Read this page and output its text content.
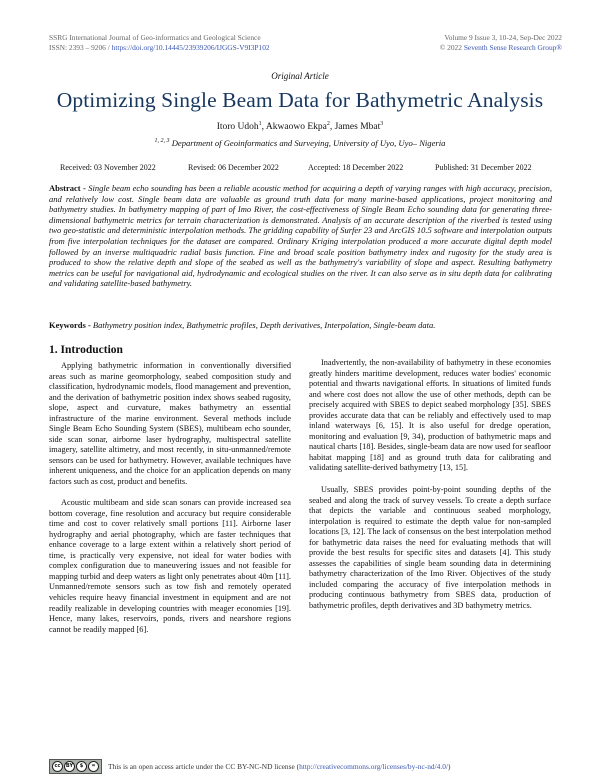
SSRG International Journal of Geo-informatics and Geological Science
ISSN: 2393 – 9206 / https://doi.org/10.14445/23939206/IJGGS-V9I3P102
Volume 9 Issue 3, 10-24, Sep-Dec 2022
© 2022 Seventh Sense Research Group®
Original Article
Optimizing Single Beam Data for Bathymetric Analysis
Itoro Udoh$^1$, Akwaowo Ekpa$^2$, James Mbat$^3$
$^{1, 2, 3}$ Department of Geoinformatics and Surveying, University of Uyo, Uyo– Nigeria
Received: 03 November 2022	Revised: 06 December 2022	Accepted: 18 December 2022	Published: 31 December 2022

Abstract - Single beam echo sounding has been a reliable acoustic method for acquiring a depth of varying ranges with high accuracy, precision, and relatively low cost. Single beam data are valuable as ground truth data for many marine-based applications, project monitoring and bathymetry studies. In bathymetry mapping of part of Imo River, the cost-effectiveness of Single Beam Echo sounding data for generating three-dimensional bathymetric metrics for terrain characterization is demonstrated. Analysis of an accurate description of the riverbed is tested using two geo-statistic and deterministic interpolation methods. The gridding capability of Surfer 23 and ArcGIS 10.5 software and interpolation outputs from five interpolation techniques for the dataset are compared. Ordinary Kriging interpolation produced a more accurate digital depth model followed by an inverse multiquadric radial basis function. Fine and broad scale position bathymetry index and rugosity for the study area is produced to show the relative depth and slope of the seabed as well as the bathymetry's variability of slope and aspect. Resulting bathymetry metrics can be useful for navigational aid, hydrodynamic and ecological studies on the river. It can also serve as in situ depth data for calibrating and validating satellite-based bathymetry.

Keywords - Bathymetry position index, Bathymetric profiles, Depth derivatives, Interpolation, Single-beam data.

1. Introduction

Applying bathymetric information in conventionally diversified areas such as marine geomorphology, seabed composition study and classification, hydrodynamic models, flood management and prevention, and the derivation of bathymetric position index shows seabed rugosity, slope, aspect and curvature, makes bathymetry an essential infrastructure of the marine environment. Several methods include Single Beam Echo Sounding System (SBES), multibeam echo sounder, side scan sonar, airborne laser hydrography, multispectral satellite imagery, satellite altimetry, and most recently, in situ-unmanned/remote sensors can be used for bathymetry. However, available techniques have inherent uniqueness, and the choice for an application depends on many factors such as cost, product and benefits.

Acoustic multibeam and side scan sonars can provide increased sea bottom coverage, fine resolution and accuracy but require considerable time and cost to cover relatively small portions [11]. Airborne laser hydrography and aerial photography, which are faster techniques that enhance coverage to a large extent within a relatively short period of time, is practically very expensive, not ideal for water bodies with complex configuration due to maneuvering issues and not feasible for mapping turbid and deep waters as light only penetrates about 40m [11]. Unmanned/remote sensors such as tow fish and remotely operated vehicles require heavy financial investment in equipment and are not readily realizable in developing countries with meager economies [19]. Hence, many lakes, reservoirs, ponds, rivers and nearshore regions cannot be readily mapped [6].

Inadvertently, the non-availability of bathymetry in these economies greatly hinders maritime development, reduces water bodies' economic potential and thwarts navigational efforts. In situations of limited funds and where cost does not allow the use of other methods, depth can be precisely acquired with SBES to depict seabed morphology [35]. SBES provides accurate data that can be reliably and effectively used to map inland waterways [6, 15]. It is also useful for dredge operation, monitoring and evaluation [9, 34), production of bathymetric maps and nautical charts [18]. Besides, single-beam data are now used for seafloor habitat mapping [18] and as ground truth data for calibrating and validating satellite-derived bathymetry [13, 15].

Usually, SBES provides point-by-point sounding depths of the seabed and along the track of survey vessels. To create a depth surface that depicts the variable and continuous seabed morphology, interpolation is required to estimate the depth value for non-sampled locations [3, 12]. The lack of consensus on the best interpolation method for bathymetric data raises the need for evaluating methods that will provide the best results for specific sites and datasets [4]. This study assesses the capabilities of single beam sounding data in determining bathymetry characterization of the Imo River. Objectives of the study included comparing the accuracy of five interpolation methods in producing continuous bathymetry from SBES data, production of bathymetric profiles, depth derivatives and 3D bathymetry metrics.

cc	BY	$	=	This is an open access article under the CC BY-NC-ND license (http://creativecommons.org/licenses/by-nc-nd/4.0/)
